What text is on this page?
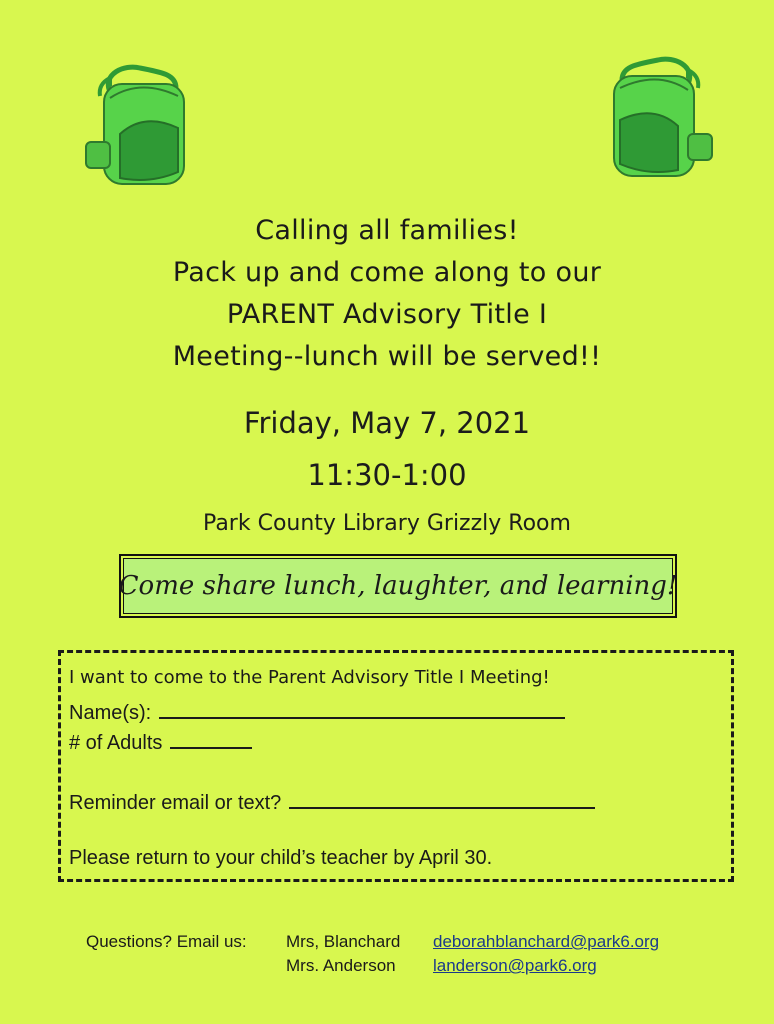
Calling all families!
Pack up and come along to our
PARENT Advisory Title I
Meeting--lunch will be served!!
Friday, May 7, 2021
11:30-1:00
Park County Library Grizzly Room
Come share lunch, laughter, and learning!
I want to come to the Parent Advisory Title I Meeting!
Name(s):
# of Adults
Reminder email or text?
Please return to your child’s teacher by April 30.
Questions? Email us: Mrs, Blanchard deborahblanchard@park6.org
Mrs. Anderson landerson@park6.org
